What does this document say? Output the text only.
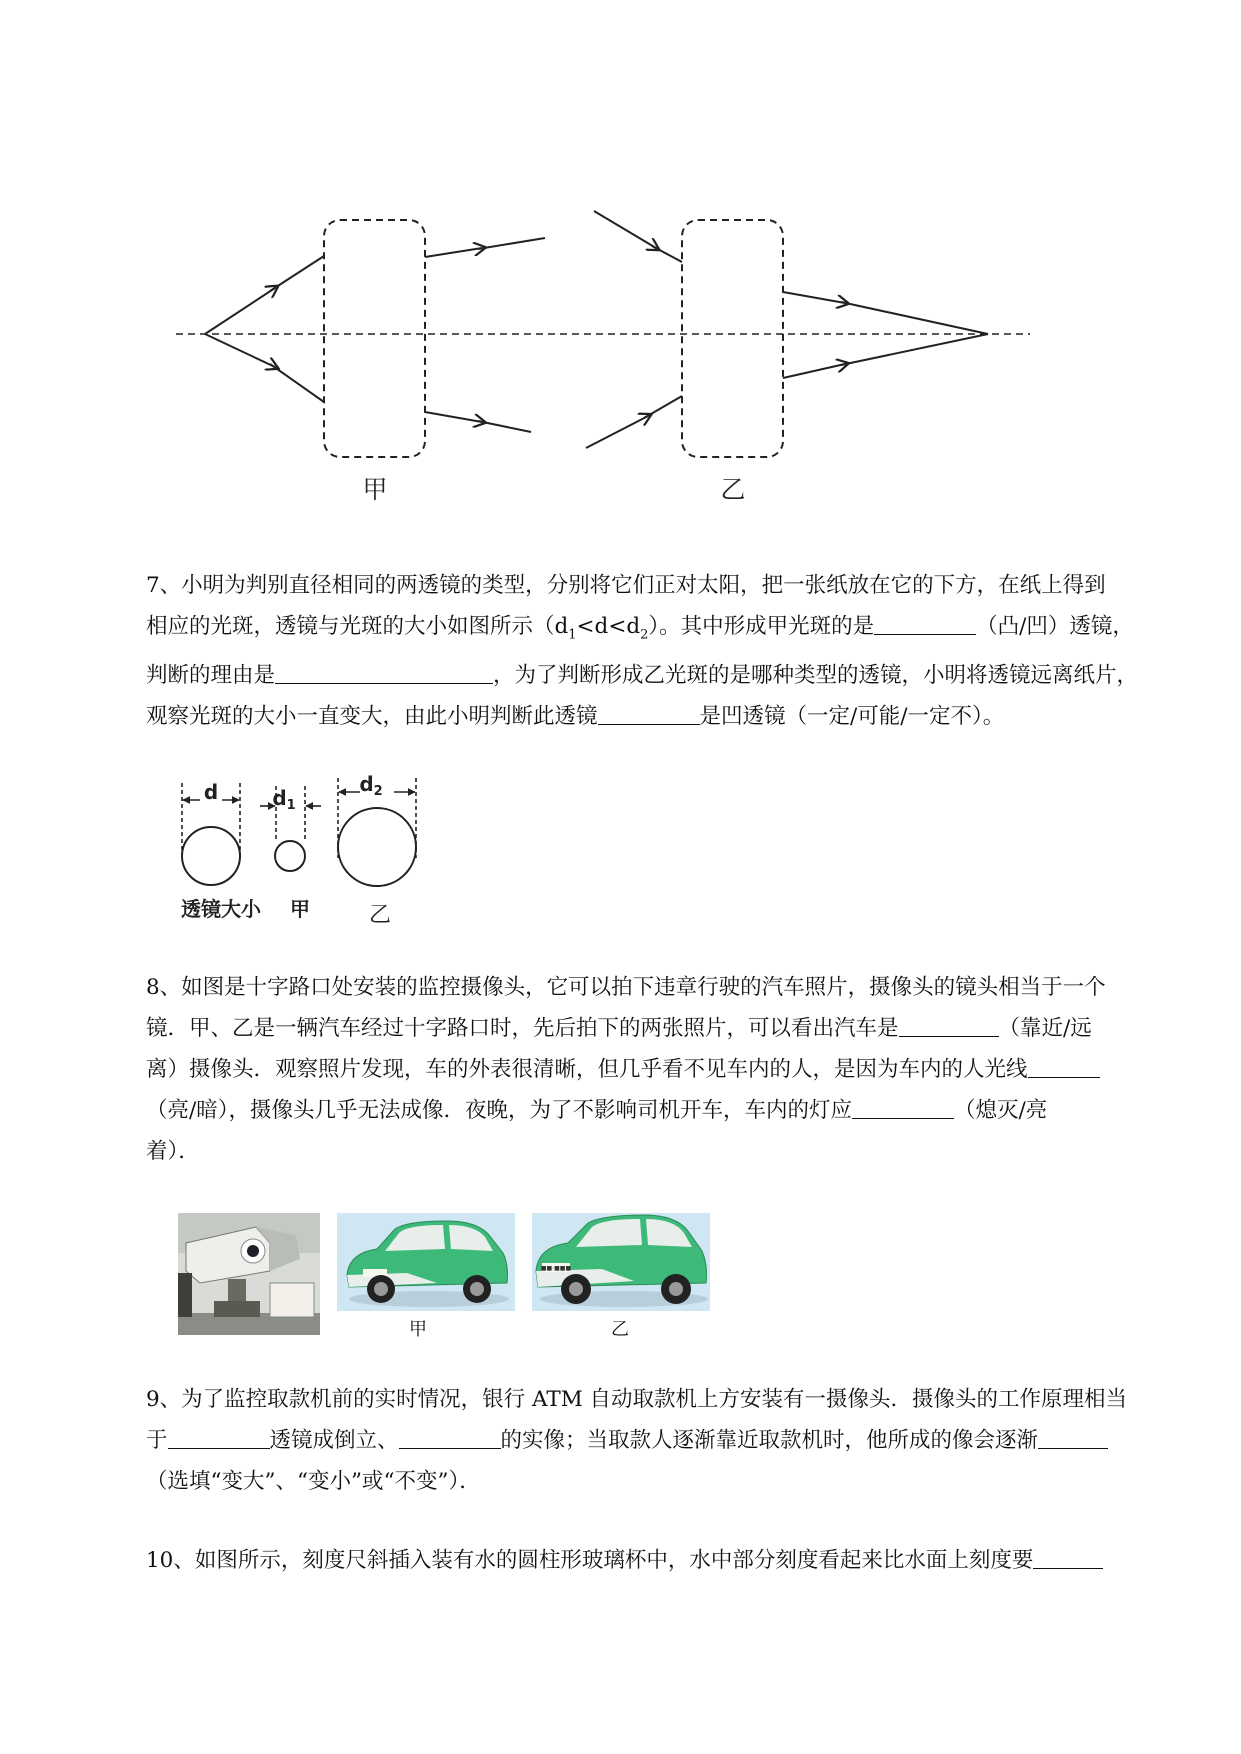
甲	乙
7、小明为判别直径相同的两透镜的类型，分别将它们正对太阳，把一张纸放在它的下方，在纸上得到
相应的光斑，透镜与光斑的大小如图所示$(d_1<d<d_2)$。其中形成甲光斑的是	（凸/凹）透镜，
判断的理由是	，为了判断形成乙光斑的是哪种类型的透镜，小明将透镜远离纸片，
观察光斑的大小一直变大，由此小明判断此透镜	是凹透镜（一定/可能/一定不）。
d	$d_1$
$d_2$
透镜大小 甲	乙
8、如图是十字路口处安装的监控摄像头，它可以拍下违章行驶的汽车照片，摄像头的镜头相当于一个
镜．甲、乙是一辆汽车经过十字路口时，先后拍下的两张照片，可以看出汽车是	（靠近/远
离）摄像头．观察照片发现，车的外表很清晰，但几乎看不见车内的人，是因为车内的人光线
（亮/暗），摄像头几乎无法成像．夜晚，为了不影响司机开车，车内的灯应	（熄灭/亮
着）．
■■·■■■
甲	乙
9、为了监控取款机前的实时情况，银行 ATM 自动取款机上方安装有一摄像头．摄像头的工作原理相当
于	透镜成倒立、	的实像；当取款人逐渐靠近取款机时，他所成的像会逐渐
（选填“变大”、“变小”或“不变”）．
10、如图所示，刻度尺斜插入装有水的圆柱形玻璃杯中，水中部分刻度看起来比水面上刻度要
